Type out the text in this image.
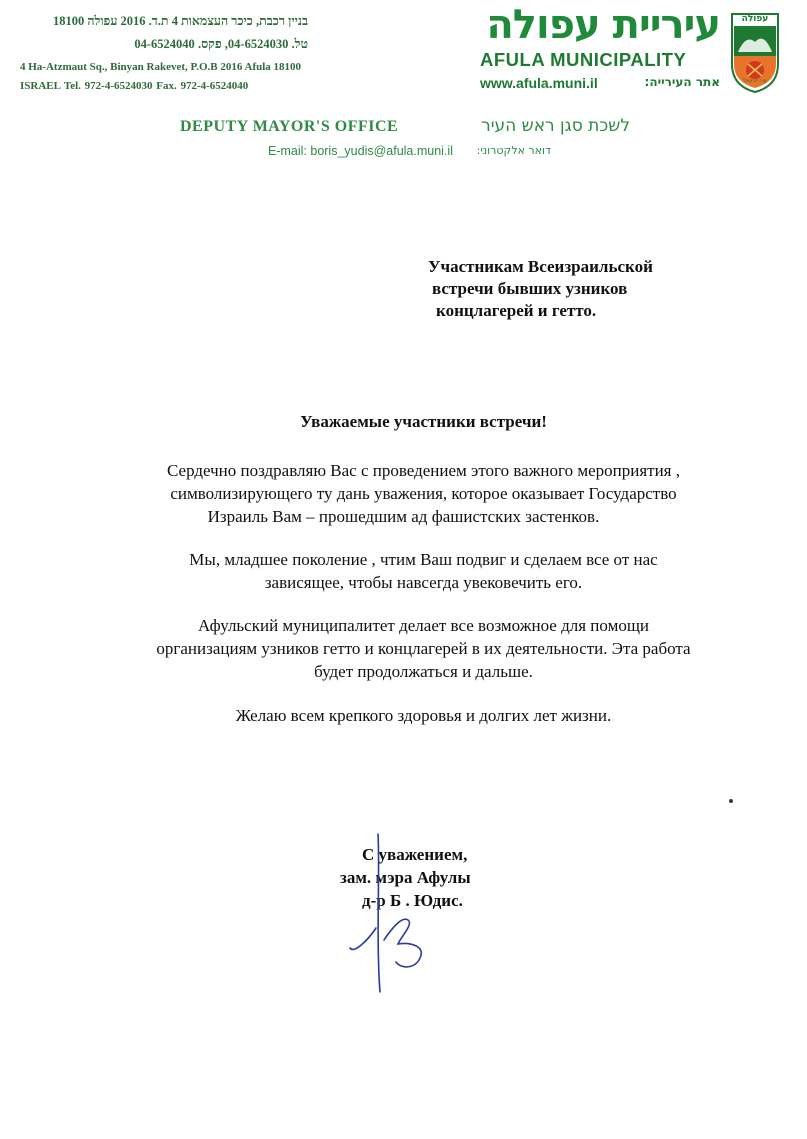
בניין רכבת, כיכר העצמאות 4 ת.ד. 2016 עפולה 18100
טל. 04-6524030, פקס. 04-6524040
4 Ha-Atzmaut Sq., Binyan Rakevet, P.O.B 2016 Afula 18100
ISRAEL Tel. 972-4-6524030 Fax. 972-4-6524040
עיריית עפולה
AFULA MUNICIPALITY
www.afula.muni.il	אתר העירייה:
עפולה
עיר יזרעאל
DEPUTY MAYOR'S OFFICE	לשכת סגן ראש העיר
E-mail: boris_yudis@afula.muni.il	דואר אלקטרוני:
Участникам Всеизраильской
встречи бывших узников
концлагерей и гетто.
Уважаемые участники встречи!
Сердечно поздравляю Вас с проведением этого важного мероприятия ,
символизирующего ту дань уважения, которое оказывает Государство
Израиль Вам – прошедшим ад фашистских застенков.
Мы, младшее поколение , чтим Ваш подвиг и сделаем все от нас
зависящее, чтобы навсегда увековечить его.
Афульский муниципалитет делает все возможное для помощи
организациям узников гетто и концлагерей в их деятельности. Эта работа
будет продолжаться и дальше.
Желаю всем крепкого здоровья и долгих лет жизни.
С уважением,
зам. мэра Афулы
д-р Б . Юдис.
